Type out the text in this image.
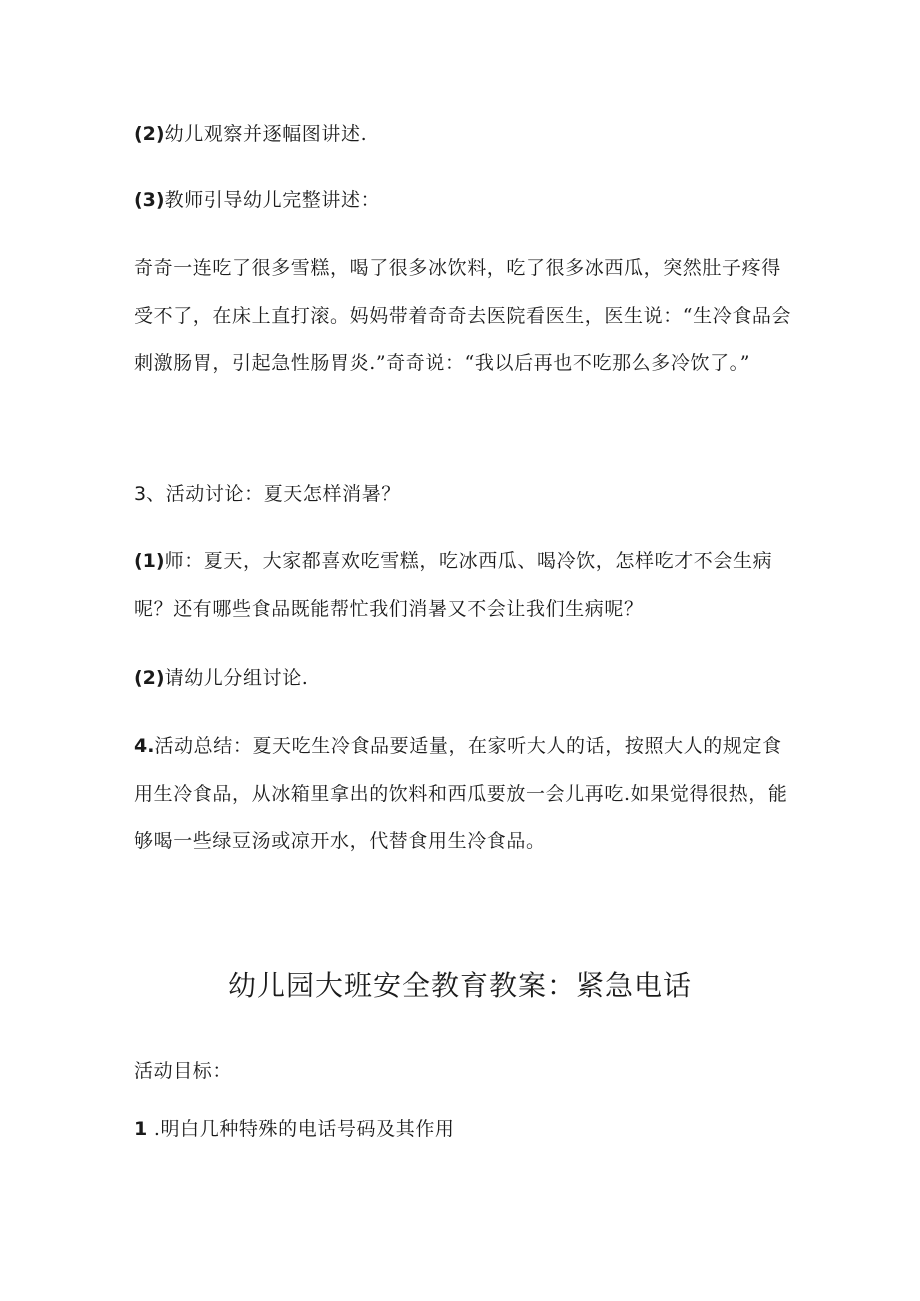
(2)幼儿观察并逐幅图讲述.

(3)教师引导幼儿完整讲述：

奇奇一连吃了很多雪糕，喝了很多冰饮料，吃了很多冰西瓜，突然肚子疼得受不了，在床上直打滚。妈妈带着奇奇去医院看医生，医生说：“生冷食品会刺激肠胃，引起急性肠胃炎.”奇奇说：“我以后再也不吃那么多冷饮了。”

3、活动讨论：夏天怎样消暑？

(1)师：夏天，大家都喜欢吃雪糕，吃冰西瓜、喝冷饮，怎样吃才不会生病呢？还有哪些食品既能帮忙我们消暑又不会让我们生病呢？

(2)请幼儿分组讨论.

4.活动总结：夏天吃生冷食品要适量，在家听大人的话，按照大人的规定食用生冷食品，从冰箱里拿出的饮料和西瓜要放一会儿再吃.如果觉得很热，能够喝一些绿豆汤或凉开水，代替食用生冷食品。

幼儿园大班安全教育教案：紧急电话

活动目标：

1 .明白几种特殊的电话号码及其作用
